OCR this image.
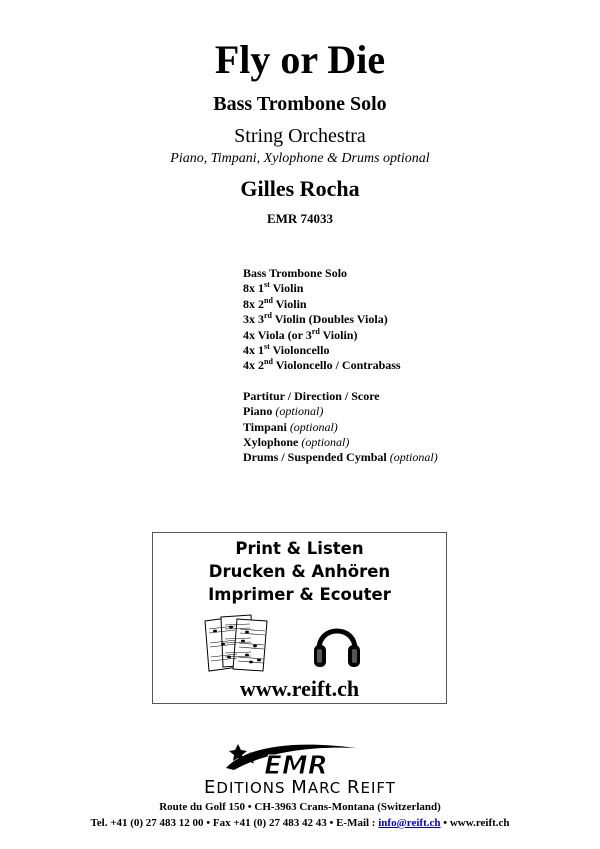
Fly or Die
Bass Trombone Solo
String Orchestra
Piano, Timpani, Xylophone & Drums optional
Gilles Rocha
EMR 74033
Bass Trombone Solo
8x 1st Violin
8x 2nd Violin
3x 3rd Violin (Doubles Viola)
4x Viola (or 3rd Violin)
4x 1st Violoncello
4x 2nd Violoncello / Contrabass
Partitur / Direction / Score
Piano (optional)
Timpani (optional)
Xylophone (optional)
Drums / Suspended Cymbal (optional)
Print & Listen
Drucken & Anhören
Imprimer & Ecouter
www.reift.ch
EMR
EDITIONS MARC REIFT
Route du Golf 150 • CH-3963 Crans-Montana (Switzerland)
Tel. +41 (0) 27 483 12 00 • Fax +41 (0) 27 483 42 43 • E-Mail : info@reift.ch • www.reift.ch
